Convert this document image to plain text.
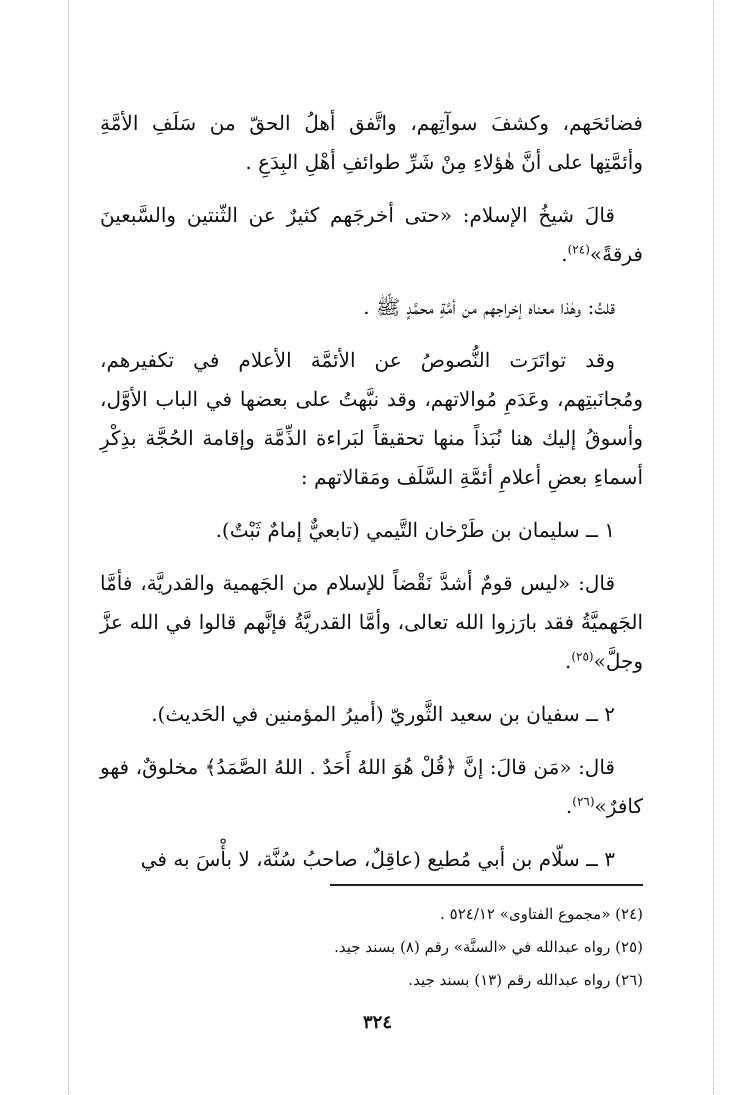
فضائحَهم، وكشفَ سوآتِهم، واتَّفق أهلُ الحقّ من سَلَفِ الأمَّةِ وأئمَّتِها على أنَّ هٰؤلاءِ مِنْ شَرِّ طوائفِ أهْلِ البِدَعِ .

قالَ شيخُ الإسلام: «حتى أخرجَهم كثيرٌ عن الثّنتين والسَّبعينَ فرقةً»$^{(٢٤)}$.

قلتُ: وهٰذا معناه إخراجهم من أمَّةِ محمَّدٍ ﷺ .

وقد تواتَرَت النُّصوصُ عن الأئمَّة الأعلام في تكفيرهم، ومُجانَبتِهم، وعَدَمِ مُوالاتهم، وقد نبَّهتُ على بعضها في الباب الأوَّل، وأسوقُ إليك هنا نُبَذاً منها تحقيقاً لبَراءة الذِّمَّة وإقامة الحُجَّة بذِكْرِ أسماءِ بعضِ أعلامِ أئمَّةِ السَّلَف ومَقالاتهم :

١ ــ سليمان بن طَرْخان التَّيمي (تابعيٌّ إمامٌ ثَبْتٌ).

قال: «ليس قومٌ أشدَّ نَقْضاً للإسلام من الجَهمية والقدريَّة، فأمَّا الجَهميَّةُ فقد بارَزوا الله تعالى، وأمَّا القدريَّةُ فإنَّهم قالوا في الله عزَّ وجلَّ»$^{(٢٥)}$.

٢ ــ سفيان بن سعيد الثَّوريّ (أميرُ المؤمنين في الحَديث).

قال: «مَن قالَ: إنَّ ﴿قُلْ هُوَ اللهُ أَحَدٌ . اللهُ الصَّمَدُ﴾ مخلوقٌ، فهو كافرٌ»$^{(٢٦)}$.

٣ ــ سلّام بن أبي مُطيع (عاقِلٌ، صاحبُ سُنَّة، لا بأْسَ به في

(٢٤) «مجموع الفتاوى» ٥٢٤/١٢ .

(٢٥) رواه عبدالله في «السنَّة» رقم (٨) بسند جيد.

(٢٦) رواه عبدالله رقم (١٣) بسند جيد.

٣٢٤
